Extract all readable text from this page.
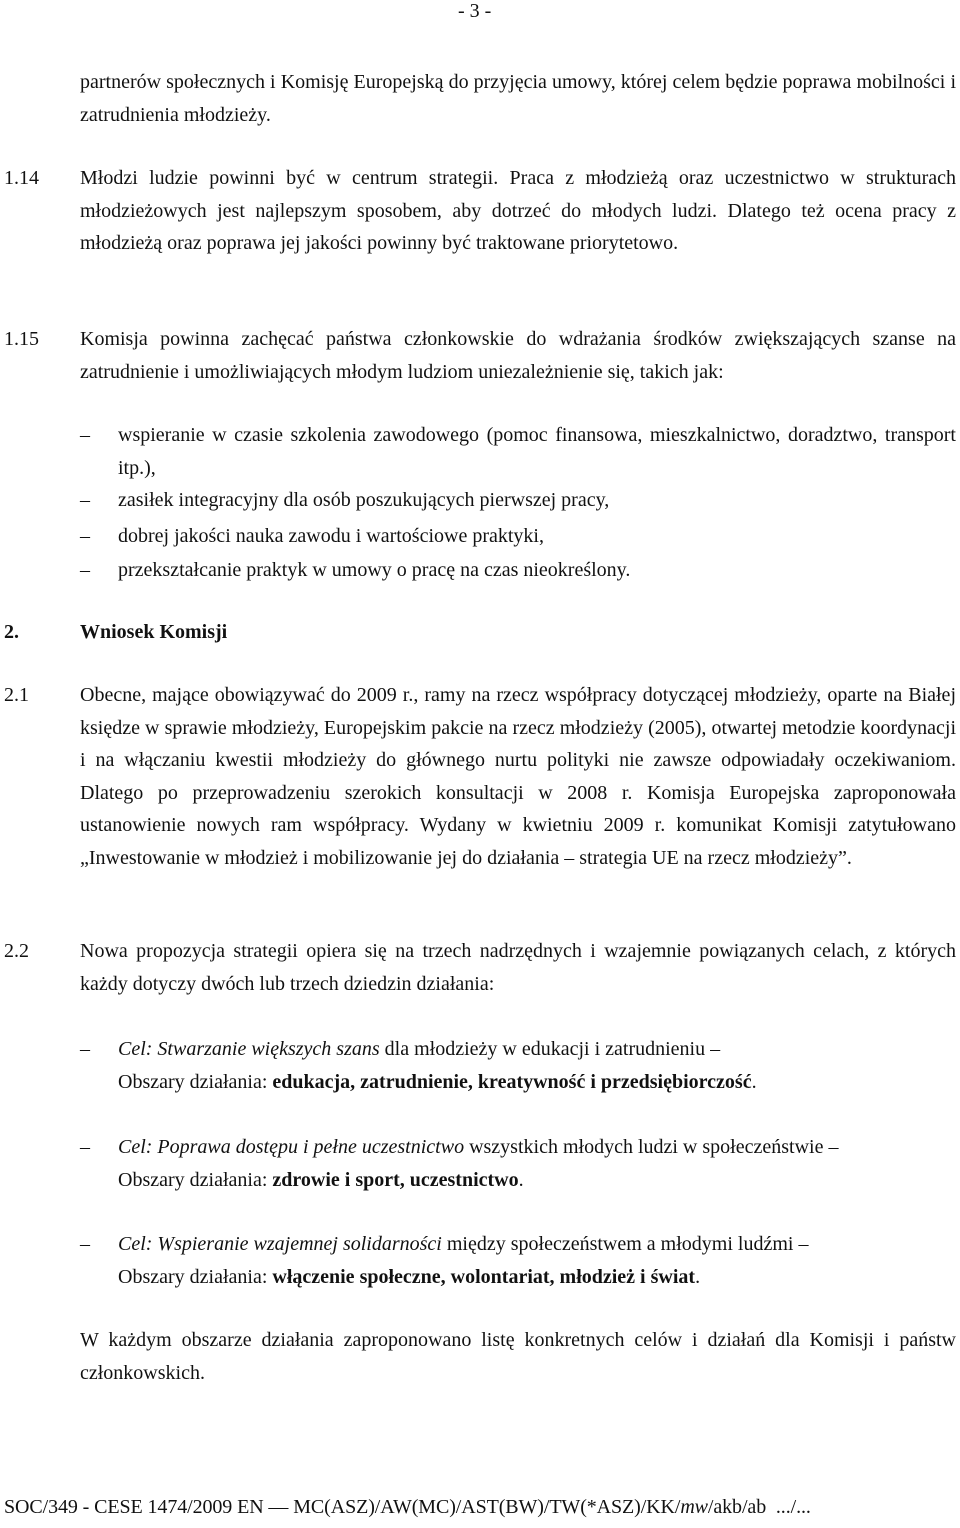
- 3 -
partnerów społecznych i Komisję Europejską do przyjęcia umowy, której celem będzie poprawa mobilności i zatrudnienia młodzieży.
1.14 Młodzi ludzie powinni być w centrum strategii. Praca z młodzieżą oraz uczestnictwo w strukturach młodzieżowych jest najlepszym sposobem, aby dotrzeć do młodych ludzi. Dlatego też ocena pracy z młodzieżą oraz poprawa jej jakości powinny być traktowane priorytetowo.
1.15 Komisja powinna zachęcać państwa członkowskie do wdrażania środków zwiększających szanse na zatrudnienie i umożliwiających młodym ludziom uniezależnienie się, takich jak:
– wspieranie w czasie szkolenia zawodowego (pomoc finansowa, mieszkalnictwo, doradztwo, transport itp.),
– zasiłek integracyjny dla osób poszukujących pierwszej pracy,
– dobrej jakości nauka zawodu i wartościowe praktyki,
– przekształcanie praktyk w umowy o pracę na czas nieokreślony.
2.	Wniosek Komisji
2.1	Obecne, mające obowiązywać do 2009 r., ramy na rzecz współpracy dotyczącej młodzieży, oparte na Białej księdze w sprawie młodzieży, Europejskim pakcie na rzecz młodzieży (2005), otwartej metodzie koordynacji i na włączaniu kwestii młodzieży do głównego nurtu polityki nie zawsze odpowiadały oczekiwaniom. Dlatego po przeprowadzeniu szerokich konsultacji w 2008 r. Komisja Europejska zaproponowała ustanowienie nowych ram współpracy. Wydany w kwietniu 2009 r. komunikat Komisji zatytułowano „Inwestowanie w młodzież i mobilizowanie jej do działania – strategia UE na rzecz młodzieży”.
2.2	Nowa propozycja strategii opiera się na trzech nadrzędnych i wzajemnie powiązanych celach, z których każdy dotyczy dwóch lub trzech dziedzin działania:
– Cel: Stwarzanie większych szans dla młodzieży w edukacji i zatrudnieniu –
Obszary działania: edukacja, zatrudnienie, kreatywność i przedsiębiorczość.
– Cel: Poprawa dostępu i pełne uczestnictwo wszystkich młodych ludzi w społeczeństwie –
Obszary działania: zdrowie i sport, uczestnictwo.
– Cel: Wspieranie wzajemnej solidarności między społeczeństwem a młodymi ludźmi –
Obszary działania: włączenie społeczne, wolontariat, młodzież i świat.
W każdym obszarze działania zaproponowano listę konkretnych celów i działań dla Komisji i państw członkowskich.
SOC/349 - CESE 1474/2009 EN — MC(ASZ)/AW(MC)/AST(BW)/TW(*ASZ)/KK/mw/akb/ab .../...
